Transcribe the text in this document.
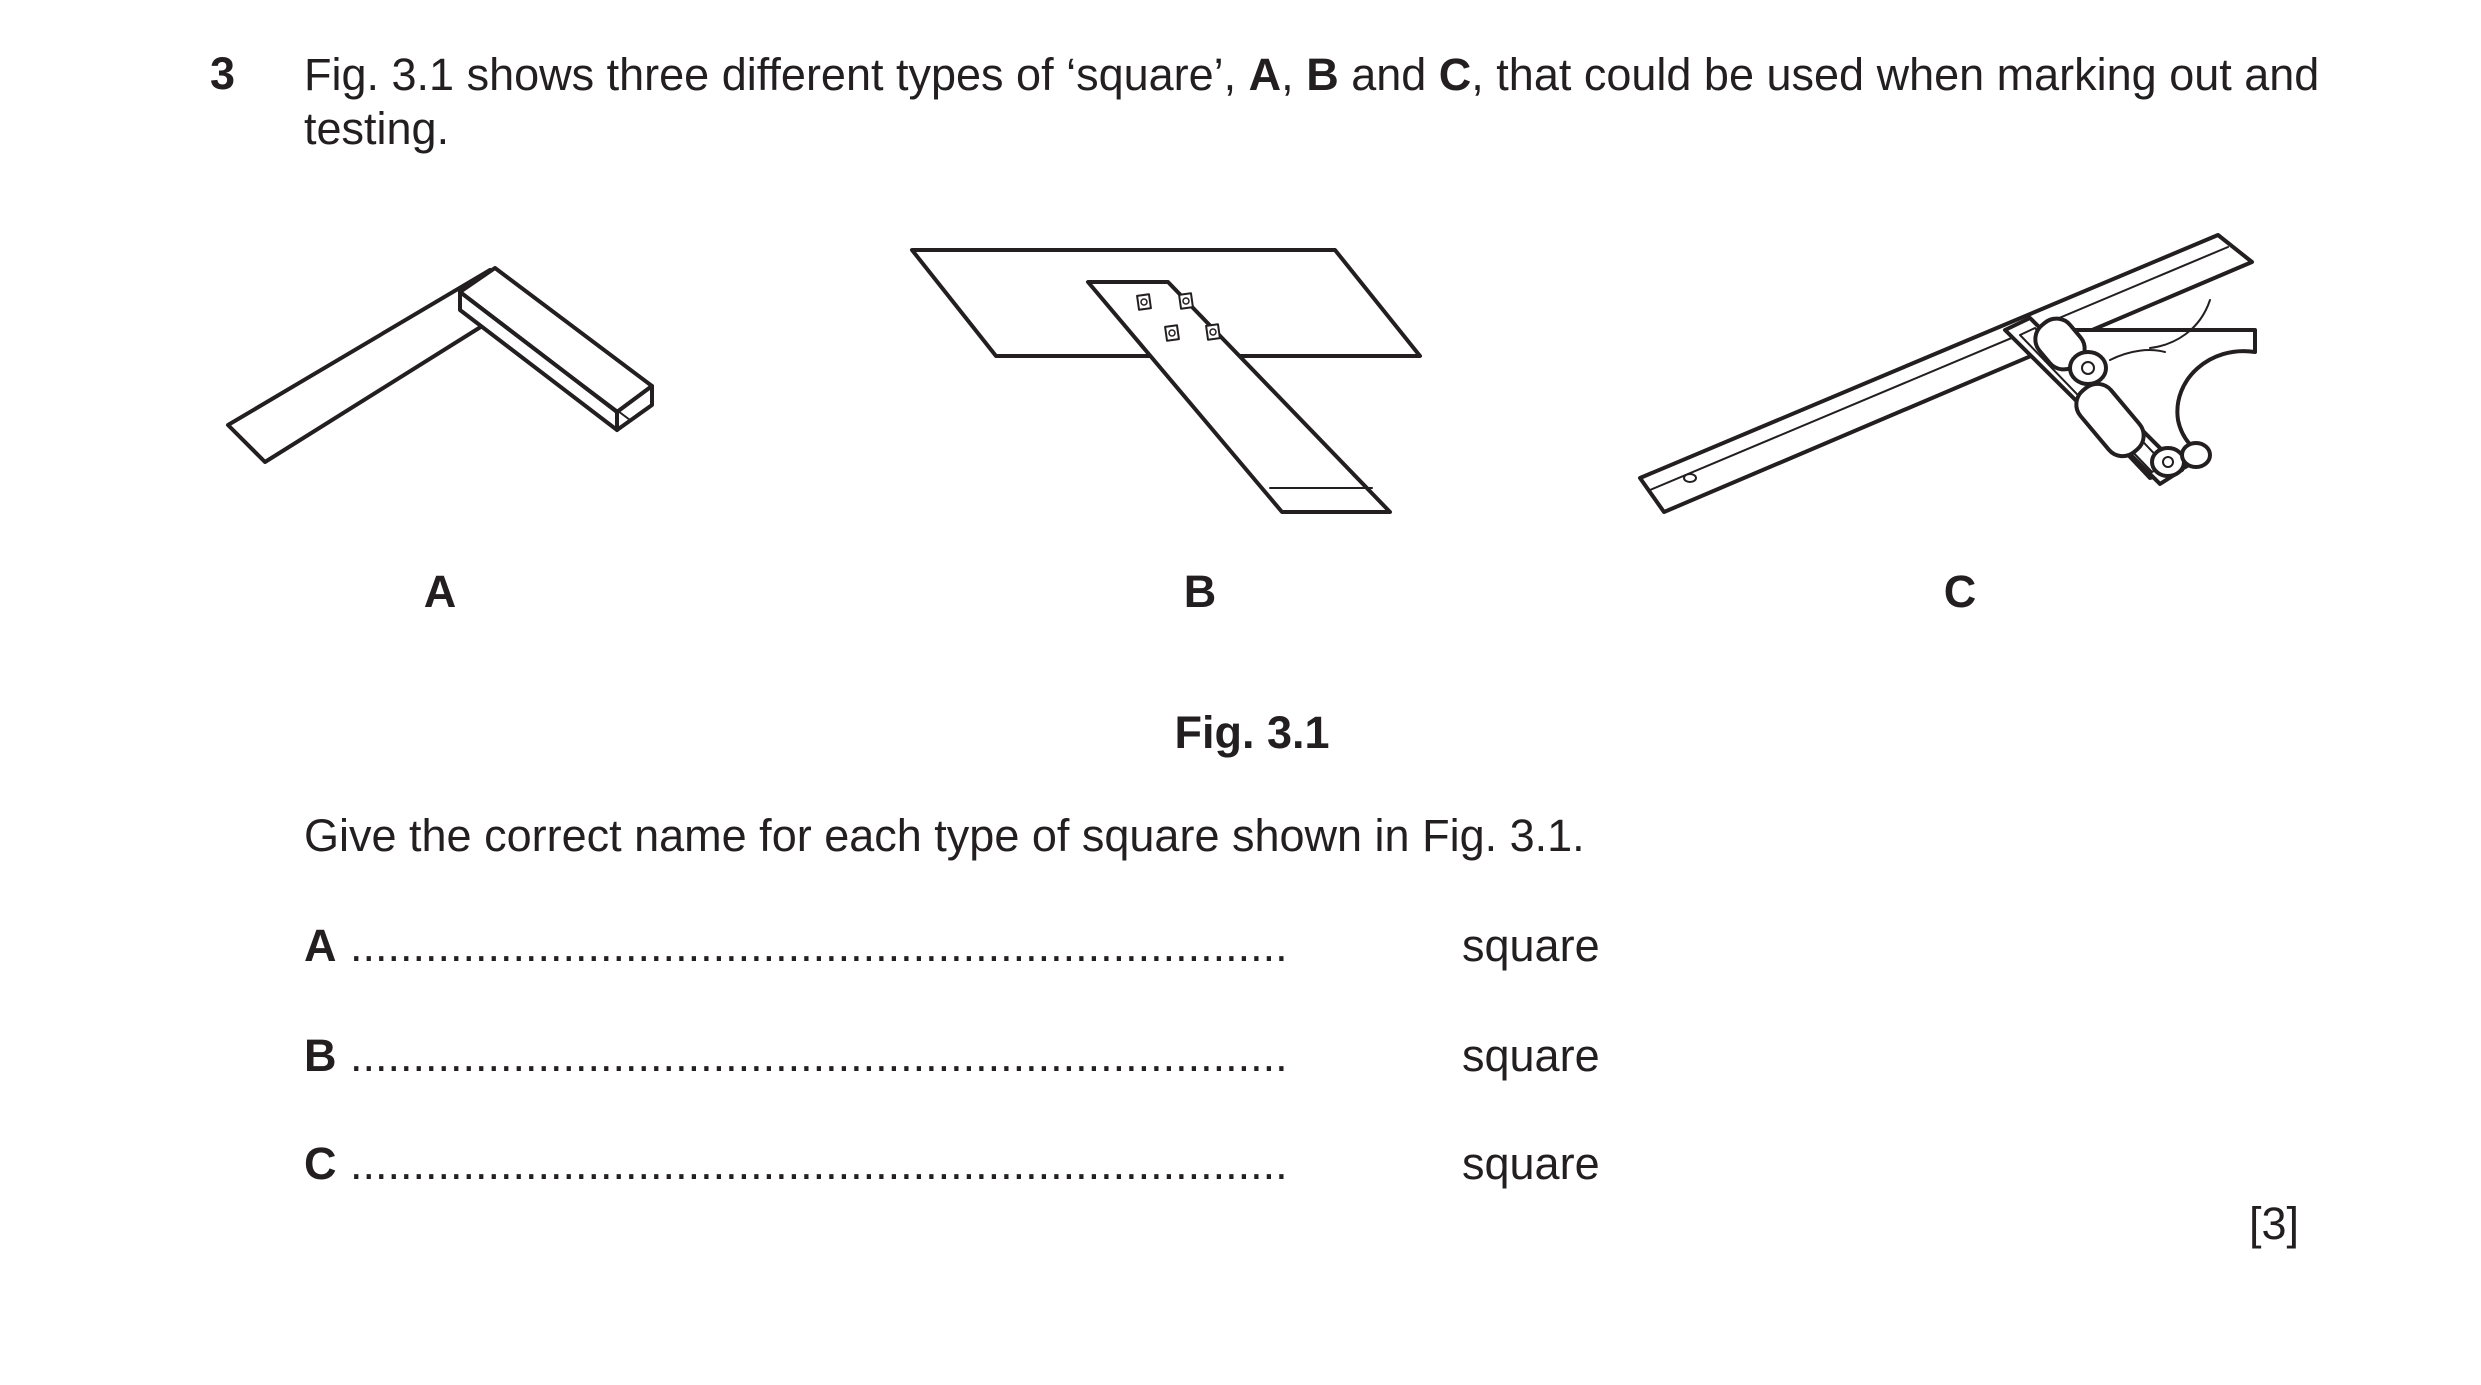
3 Fig. 3.1 shows three different types of ‘square’, A, B and C, that could be used when marking out and testing.
A	B	C
Fig. 3.1
Give the correct name for each type of square shown in Fig. 3.1.
A ...........................................................................	square
B ...........................................................................	square
C ...........................................................................	square
[3]
